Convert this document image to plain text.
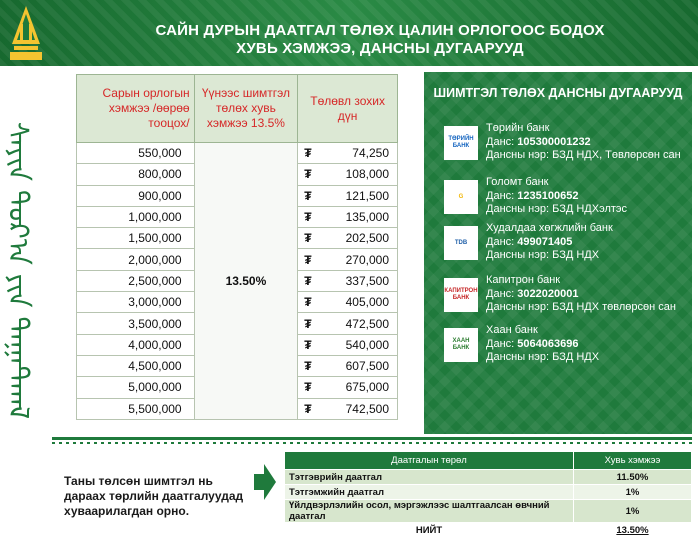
САЙН ДУРЫН ДААТГАЛ ТӨЛӨХ ЦАЛИН ОРЛОГООС БОДОХ
ХУВЬ ХЭМЖЭЭ, ДАНСНЫ ДУГААРУУД
ᠰᠠᠶᠢᠨ ᠳᠤᠷ᠎ᠠ ᠶᠢᠨ ᠳᠠᠭᠠᠲᠬᠠᠯ
Сарын орлогын хэмжээ /өөрөө тооцох/	Үүнээс шимтгэл төлөх хувь хэмжээ 13.5%	Төлөвл зохих дүн
550,000	13.50%	₮ 74,250

800,000		₮ 108,000

900,000		₮ 121,500

1,000,000		₮ 135,000

1,500,000		₮ 202,500

2,000,000		₮ 270,000

2,500,000		₮ 337,500

3,000,000		₮ 405,000

3,500,000		₮ 472,500

4,000,000		₮ 540,000

4,500,000		₮ 607,500

5,000,000		₮ 675,000

5,500,000		₮ 742,500
ШИМТГЭЛ ТӨЛӨХ ДАНСНЫ ДУГААРУУД
ТӨРИЙН БАНК
Төрийн банк
Данс: 105300001232
Дансны нэр: БЗД НДХ, Төвлөрсөн сан
G
Голомт банк
Данс: 1235100652
Дансны нэр: БЗД НДХэлтэс
TDB
Худалдаа хөгжлийн банк
Данс: 499071405
Дансны нэр: БЗД НДХ
КАПИТРОН БАНК
Капитрон банк
Данс: 3022020001
Дансны нэр: БЗД НДХ төвлөрсөн сан
ХААН БАНК
Хаан банк
Данс: 5064063696
Дансны нэр: БЗД НДХ
Таны төлсөн шимтгэл нь дараах төрлийн даатгалуудад хуваарилагдан орно.
Даатгалын төрөл	Хувь хэмжээ
Тэтгэврийн даатгал	11.50%
Тэтгэмжийн даатгал	1%
Үйлдвэрлэлийн осол, мэргэжлээс шалтгаалсан өвчний даатгал	1%
НИЙТ	13.50%
